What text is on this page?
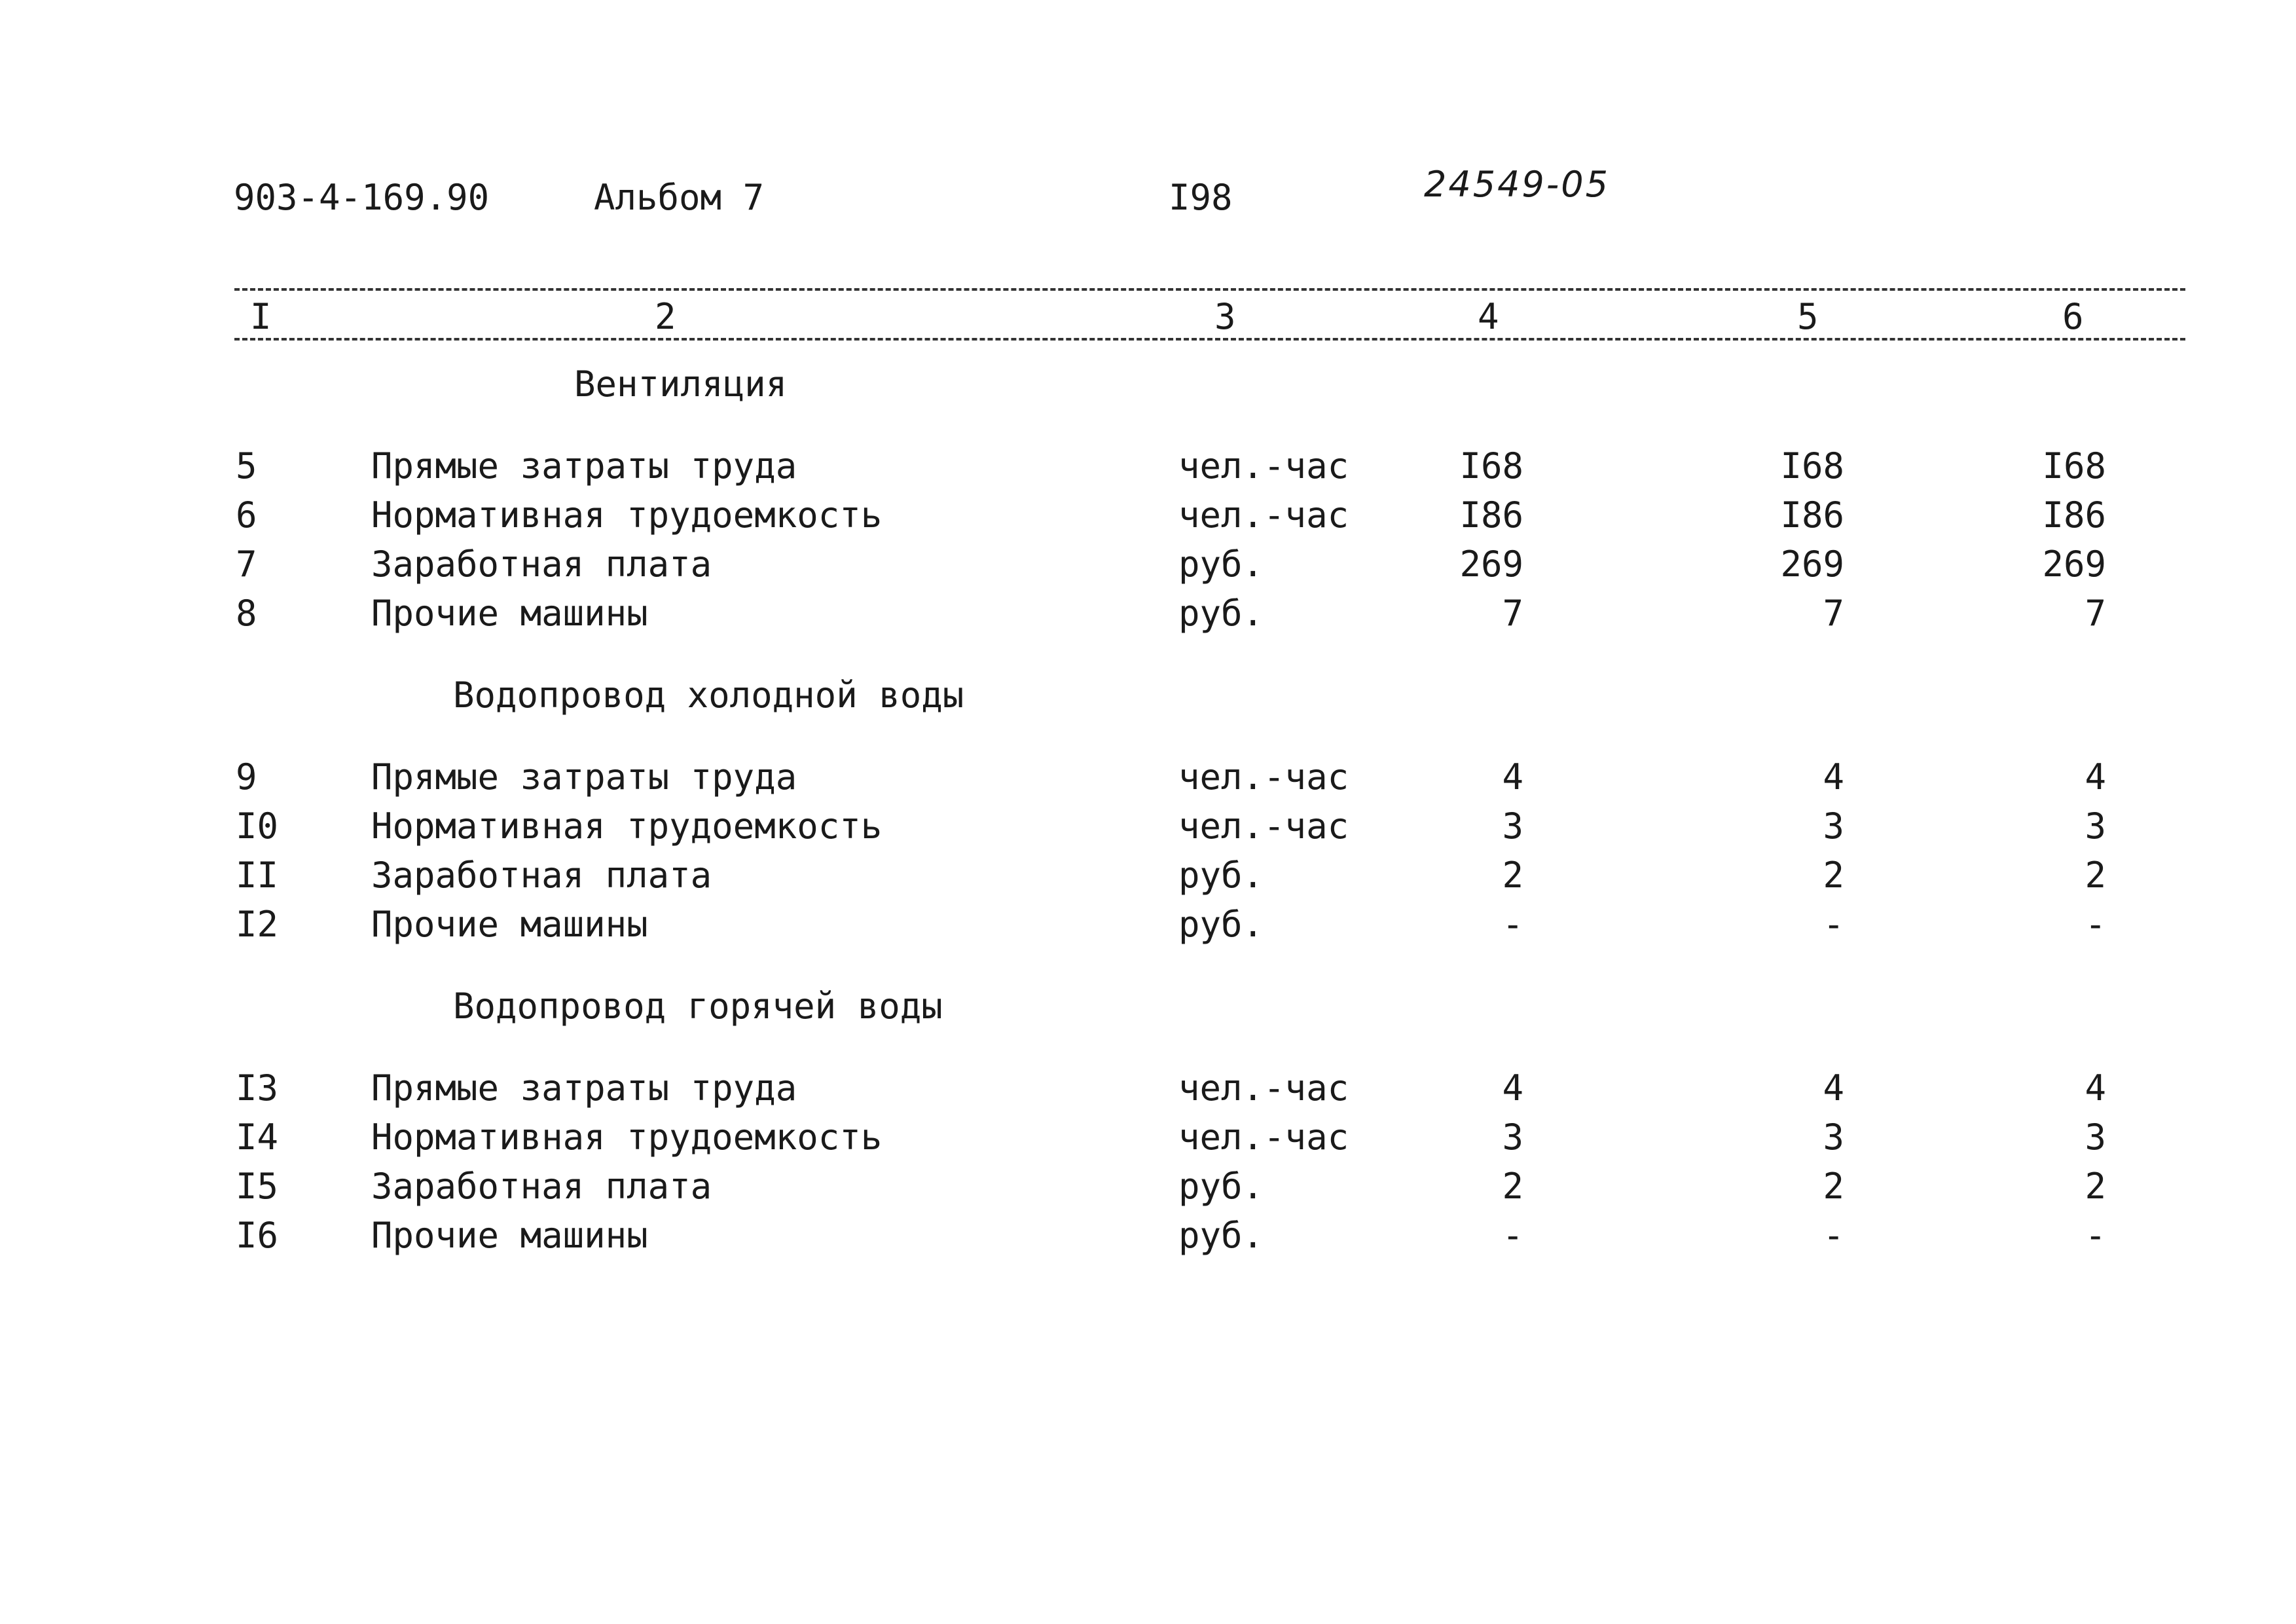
903-4-169.90	Альбом 7	I98	24549-05
I	2	3	4	5	6
Вентиляция
5	Прямые затраты труда	чел.-час	I68	I68	I68
6	Нормативная трудоемкость	чел.-час	I86	I86	I86
7	Заработная плата	руб.	269	269	269
8	Прочие машины	руб.	7	7	7
Водопровод холодной воды
9	Прямые затраты труда	чел.-час	4	4	4
I0	Нормативная трудоемкость	чел.-час	3	3	3
II	Заработная плата	руб.	2	2	2
I2	Прочие машины	руб.	-	-	-
Водопровод горячей воды
I3	Прямые затраты труда	чел.-час	4	4	4
I4	Нормативная трудоемкость	чел.-час	3	3	3
I5	Заработная плата	руб.	2	2	2
I6	Прочие машины	руб.	-	-	-
